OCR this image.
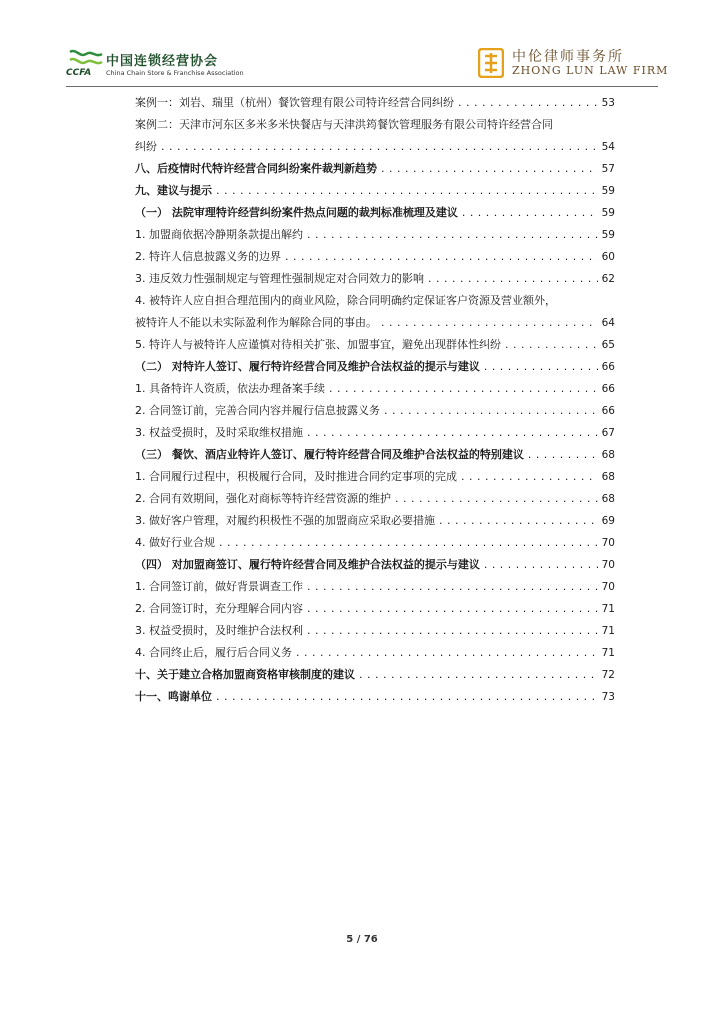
CCFA
中国连锁经营协会
China Chain Store & Franchise Association
中伦律师事务所
ZHONG LUN LAW FIRM
案例一：刘岩、瑞里（杭州）餐饮管理有限公司特许经营合同纠纷 . . .	53
案例二：天津市河东区多米多米快餐店与天津洪筠餐饮管理服务有限公司特许经营合同
纠纷 . . .	54
八、后疫情时代特许经营合同纠纷案件裁判新趋势 . . .	57
九、建议与提示 . . .	59
（一） 法院审理特许经营纠纷案件热点问题的裁判标准梳理及建议 . . .	59
1. 加盟商依据冷静期条款提出解约 . . .	59
2. 特许人信息披露义务的边界 . . .	60
3. 违反效力性强制规定与管理性强制规定对合同效力的影响 . . .	62
4. 被特许人应自担合理范围内的商业风险，除合同明确约定保证客户资源及营业额外，
被特许人不能以未实际盈利作为解除合同的事由。 . . .	64
5. 特许人与被特许人应谨慎对待相关扩张、加盟事宜，避免出现群体性纠纷 . . .	65
（二） 对特许人签订、履行特许经营合同及维护合法权益的提示与建议 . . .	66
1. 具备特许人资质，依法办理备案手续 . . .	66
2. 合同签订前，完善合同内容并履行信息披露义务 . . .	66
3. 权益受损时，及时采取维权措施 . . .	67
（三） 餐饮、酒店业特许人签订、履行特许经营合同及维护合法权益的特别建议 . . .	68
1. 合同履行过程中，积极履行合同，及时推进合同约定事项的完成 . . .	68
2. 合同有效期间，强化对商标等特许经营资源的维护 . . .	68
3. 做好客户管理，对履约积极性不强的加盟商应采取必要措施 . . .	69
4. 做好行业合规 . . .	70
（四） 对加盟商签订、履行特许经营合同及维护合法权益的提示与建议 . . .	70
1. 合同签订前，做好背景调查工作 . . .	70
2. 合同签订时，充分理解合同内容 . . .	71
3. 权益受损时，及时维护合法权利 . . .	71
4. 合同终止后，履行后合同义务 . . .	71
十、关于建立合格加盟商资格审核制度的建议 . . .	72
十一、鸣谢单位 . . .	73
5 / 76
